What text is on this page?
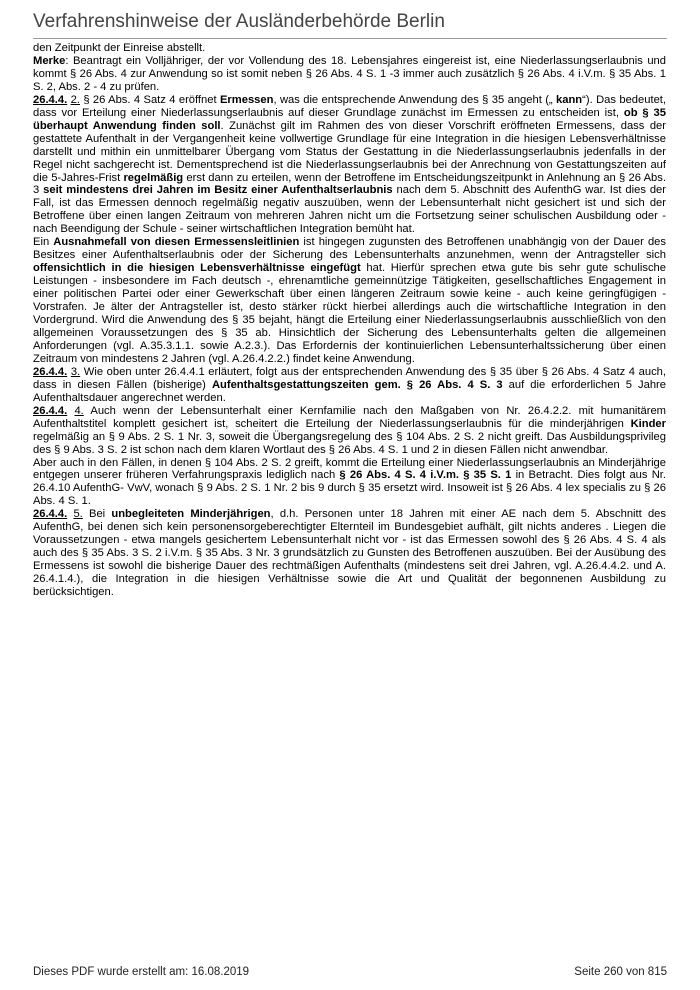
Verfahrenshinweise der Ausländerbehörde Berlin

den Zeitpunkt der Einreise abstellt.

Merke: Beantragt ein Volljähriger, der vor Vollendung des 18. Lebensjahres eingereist ist, eine Niederlassungserlaubnis und kommt § 26 Abs. 4 zur Anwendung so ist somit neben § 26 Abs. 4 S. 1 -3 immer auch zusätzlich § 26 Abs. 4 i.V.m. § 35 Abs. 1 S. 2, Abs. 2 - 4 zu prüfen.

26.4.4. 2. § 26 Abs. 4 Satz 4 eröffnet Ermessen, was die entsprechende Anwendung des § 35 angeht („ kann“). Das bedeutet, dass vor Erteilung einer Niederlassungserlaubnis auf dieser Grundlage zunächst im Ermessen zu entscheiden ist, ob § 35 überhaupt Anwendung finden soll. Zunächst gilt im Rahmen des von dieser Vorschrift eröffneten Ermessens, dass der gestattete Aufenthalt in der Vergangenheit keine vollwertige Grundlage für eine Integration in die hiesigen Lebensverhältnisse darstellt und mithin ein unmittelbarer Übergang vom Status der Gestattung in die Niederlassungserlaubnis jedenfalls in der Regel nicht sachgerecht ist. Dementsprechend ist die Niederlassungserlaubnis bei der Anrechnung von Gestattungszeiten auf die 5-Jahres-Frist regelmäßig erst dann zu erteilen, wenn der Betroffene im Entscheidungszeitpunkt in Anlehnung an § 26 Abs. 3 seit mindestens drei Jahren im Besitz einer Aufenthaltserlaubnis nach dem 5. Abschnitt des AufenthG war. Ist dies der Fall, ist das Ermessen dennoch regelmäßig negativ auszuüben, wenn der Lebensunterhalt nicht gesichert ist und sich der Betroffene über einen langen Zeitraum von mehreren Jahren nicht um die Fortsetzung seiner schulischen Ausbildung oder - nach Beendigung der Schule - seiner wirtschaftlichen Integration bemüht hat.

Ein Ausnahmefall von diesen Ermessensleitlinien ist hingegen zugunsten des Betroffenen unabhängig von der Dauer des Besitzes einer Aufenthaltserlaubnis oder der Sicherung des Lebensunterhalts anzunehmen, wenn der Antragsteller sich offensichtlich in die hiesigen Lebensverhältnisse eingefügt hat. Hierfür sprechen etwa gute bis sehr gute schulische Leistungen - insbesondere im Fach deutsch -, ehrenamtliche gemeinnützige Tätigkeiten, gesellschaftliches Engagement in einer politischen Partei oder einer Gewerkschaft über einen längeren Zeitraum sowie keine - auch keine geringfügigen - Vorstrafen. Je älter der Antragsteller ist, desto stärker rückt hierbei allerdings auch die wirtschaftliche Integration in den Vordergrund. Wird die Anwendung des § 35 bejaht, hängt die Erteilung einer Niederlassungserlaubnis ausschließlich von den allgemeinen Voraussetzungen des § 35 ab. Hinsichtlich der Sicherung des Lebensunterhalts gelten die allgemeinen Anforderungen (vgl. A.35.3.1.1. sowie A.2.3.). Das Erfordernis der kontinuierlichen Lebensunterhaltssicherung über einen Zeitraum von mindestens 2 Jahren (vgl. A.26.4.2.2.) findet keine Anwendung.

26.4.4. 3. Wie oben unter 26.4.4.1 erläutert, folgt aus der entsprechenden Anwendung des § 35 über § 26 Abs. 4 Satz 4 auch, dass in diesen Fällen (bisherige) Aufenthaltsgestattungszeiten gem. § 26 Abs. 4 S. 3 auf die erforderlichen 5 Jahre Aufenthaltsdauer angerechnet werden.

26.4.4. 4. Auch wenn der Lebensunterhalt einer Kernfamilie nach den Maßgaben von Nr. 26.4.2.2. mit humanitärem Aufenthaltstitel komplett gesichert ist, scheitert die Erteilung der Niederlassungserlaubnis für die minderjährigen Kinder regelmäßig an § 9 Abs. 2 S. 1 Nr. 3, soweit die Übergangsregelung des § 104 Abs. 2 S. 2 nicht greift. Das Ausbildungsprivileg des § 9 Abs. 3 S. 2 ist schon nach dem klaren Wortlaut des § 26 Abs. 4 S. 1 und 2 in diesen Fällen nicht anwendbar.

Aber auch in den Fällen, in denen § 104 Abs. 2 S. 2 greift, kommt die Erteilung einer Niederlassungserlaubnis an Minderjährige entgegen unserer früheren Verfahrungspraxis lediglich nach § 26 Abs. 4 S. 4 i.V.m. § 35 S. 1 in Betracht. Dies folgt aus Nr. 26.4.10 AufenthG- VwV, wonach § 9 Abs. 2 S. 1 Nr. 2 bis 9 durch § 35 ersetzt wird. Insoweit ist § 26 Abs. 4 lex specialis zu § 26 Abs. 4 S. 1.

26.4.4. 5. Bei unbegleiteten Minderjährigen, d.h. Personen unter 18 Jahren mit einer AE nach dem 5. Abschnitt des AufenthG, bei denen sich kein personensorgeberechtigter Elternteil im Bundesgebiet aufhält, gilt nichts anderes . Liegen die Voraussetzungen - etwa mangels gesichertem Lebensunterhalt nicht vor - ist das Ermessen sowohl des § 26 Abs. 4 S. 4 als auch des § 35 Abs. 3 S. 2 i.V.m. § 35 Abs. 3 Nr. 3 grundsätzlich zu Gunsten des Betroffenen auszuüben. Bei der Ausübung des Ermessens ist sowohl die bisherige Dauer des rechtmäßigen Aufenthalts (mindestens seit drei Jahren, vgl. A.26.4.4.2. und A. 26.4.1.4.), die Integration in die hiesigen Verhältnisse sowie die Art und Qualität der begonnenen Ausbildung zu berücksichtigen.

Dieses PDF wurde erstellt am: 16.08.2019	Seite 260 von 815
